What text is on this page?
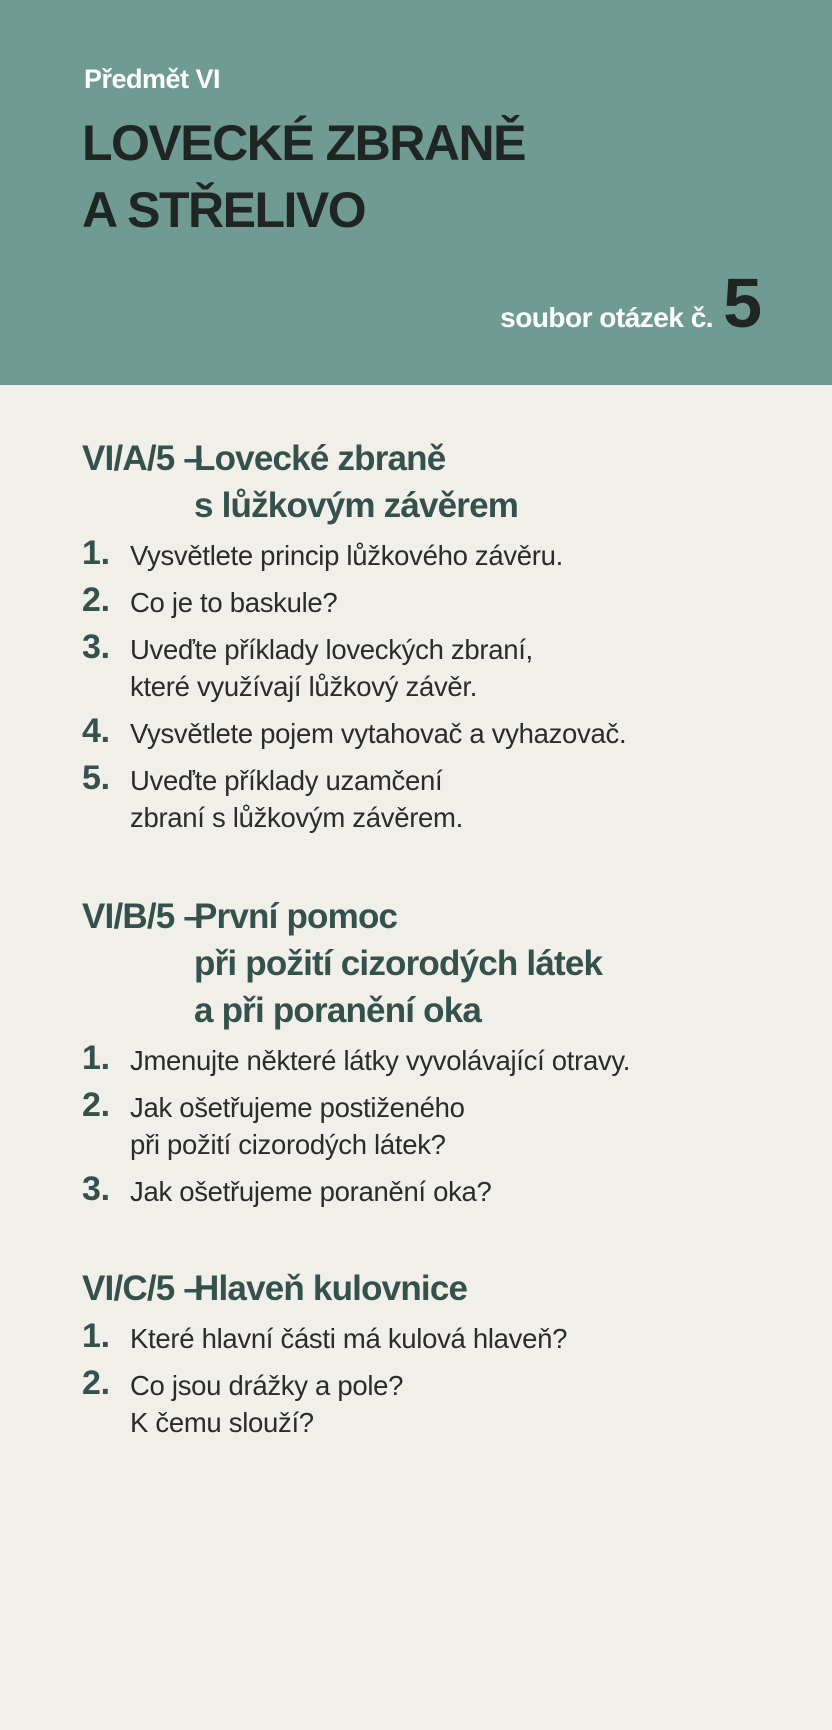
Předmět VI
LOVECKÉ ZBRANĚ
A STŘELIVO
soubor otázek č. 5
VI/A/5 –
Lovecké zbraně
s lůžkovým závěrem
1. Vysvětlete princip lůžkového závěru.
2. Co je to baskule?
3. Uveďte příklady loveckých zbraní,
které využívají lůžkový závěr.
4. Vysvětlete pojem vytahovač a vyhazovač.
5. Uveďte příklady uzamčení
zbraní s lůžkovým závěrem.
VI/B/5 –
První pomoc
při požití cizorodých látek
a při poranění oka
1. Jmenujte některé látky vyvolávající otravy.
2. Jak ošetřujeme postiženého
při požití cizorodých látek?
3. Jak ošetřujeme poranění oka?
VI/C/5 –
Hlaveň kulovnice
1. Které hlavní části má kulová hlaveň?
2. Co jsou drážky a pole?
K čemu slouží?
